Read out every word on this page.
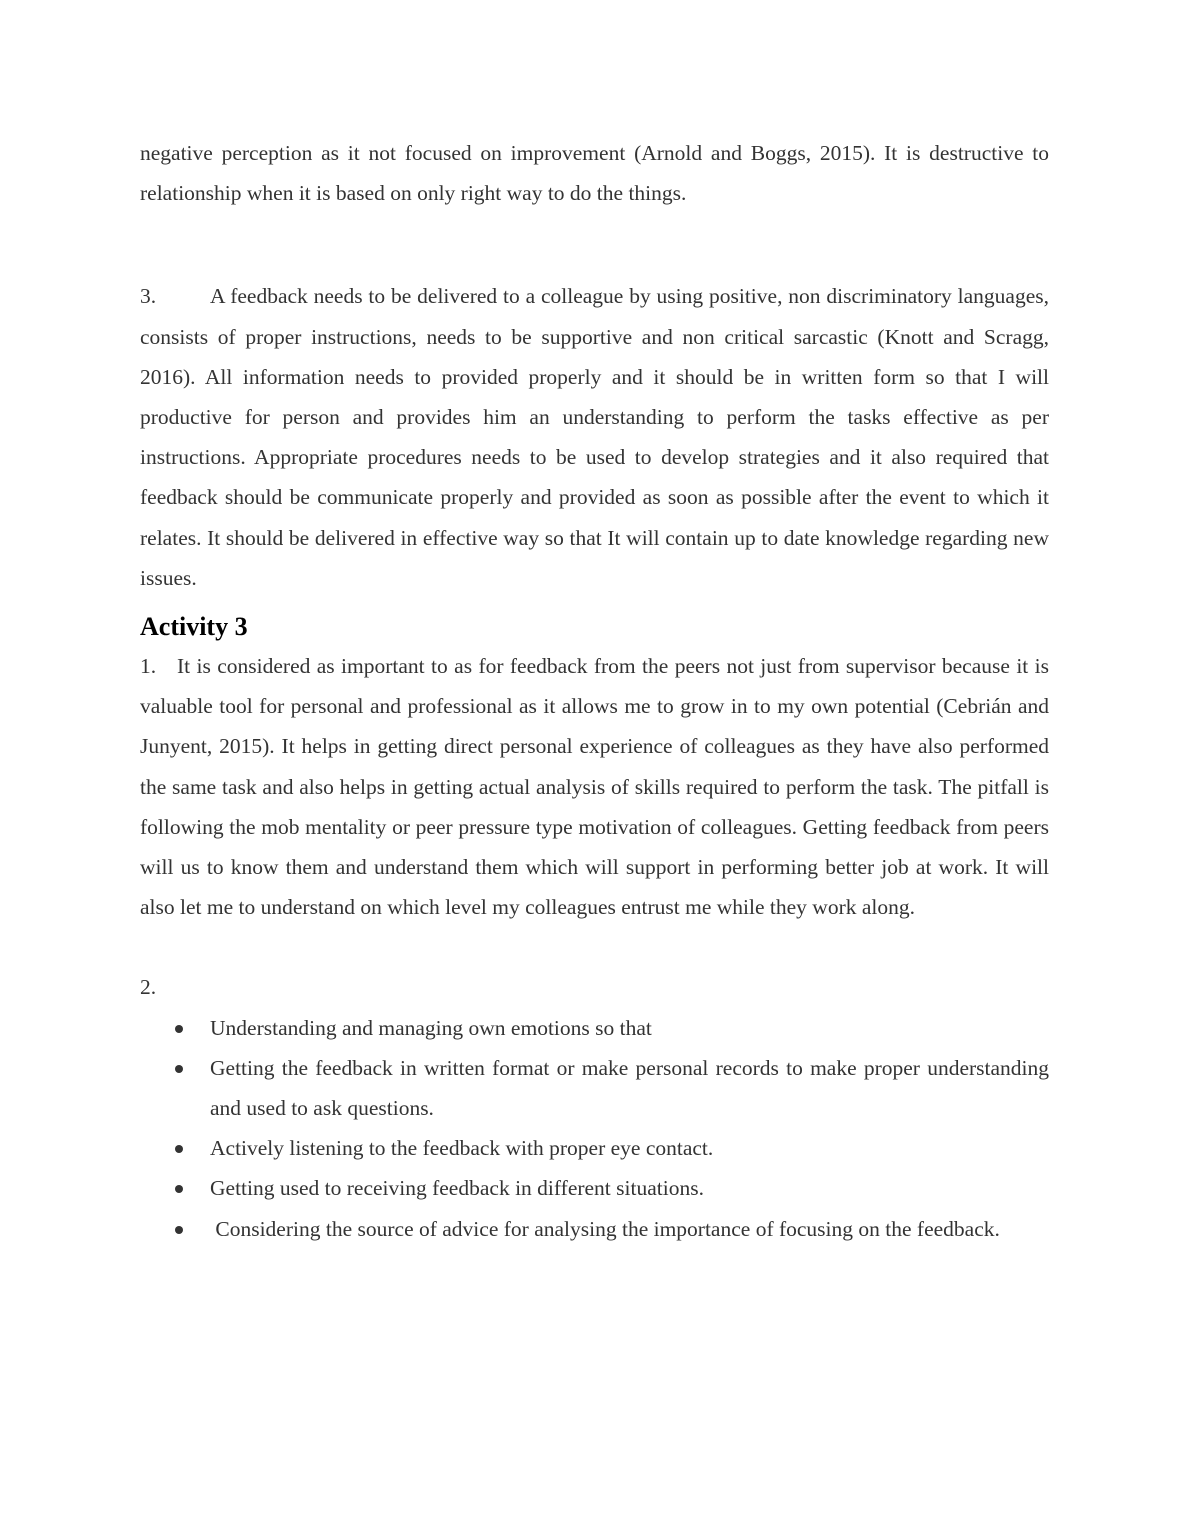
negative perception as it not focused on improvement (Arnold and Boggs, 2015). It is destructive to relationship when it is based on only right way to do the things.

3.	A feedback needs to be delivered to a colleague by using positive, non discriminatory languages, consists of proper instructions, needs to be supportive and non critical sarcastic (Knott and Scragg, 2016). All information needs to provided properly and it should be in written form so that I will productive for person and provides him an understanding to perform the tasks effective as per instructions. Appropriate procedures needs to be used to develop strategies and it also required that feedback should be communicate properly and provided as soon as possible after the event to which it relates. It should be delivered in effective way so that It will contain up to date knowledge regarding new issues.

Activity 3

1. It is considered as important to as for feedback from the peers not just from supervisor because it is valuable tool for personal and professional as it allows me to grow in to my own potential (Cebrián and Junyent, 2015). It helps in getting direct personal experience of colleagues as they have also performed the same task and also helps in getting actual analysis of skills required to perform the task. The pitfall is following the mob mentality or peer pressure type motivation of colleagues. Getting feedback from peers will us to know them and understand them which will support in performing better job at work. It will also let me to understand on which level my colleagues entrust me while they work along.

2.

Understanding and managing own emotions so that
Getting the feedback in written format or make personal records to make proper understanding and used to ask questions.
Actively listening to the feedback with proper eye contact.
Getting used to receiving feedback in different situations.
Considering the source of advice for analysing the importance of focusing on the feedback.
